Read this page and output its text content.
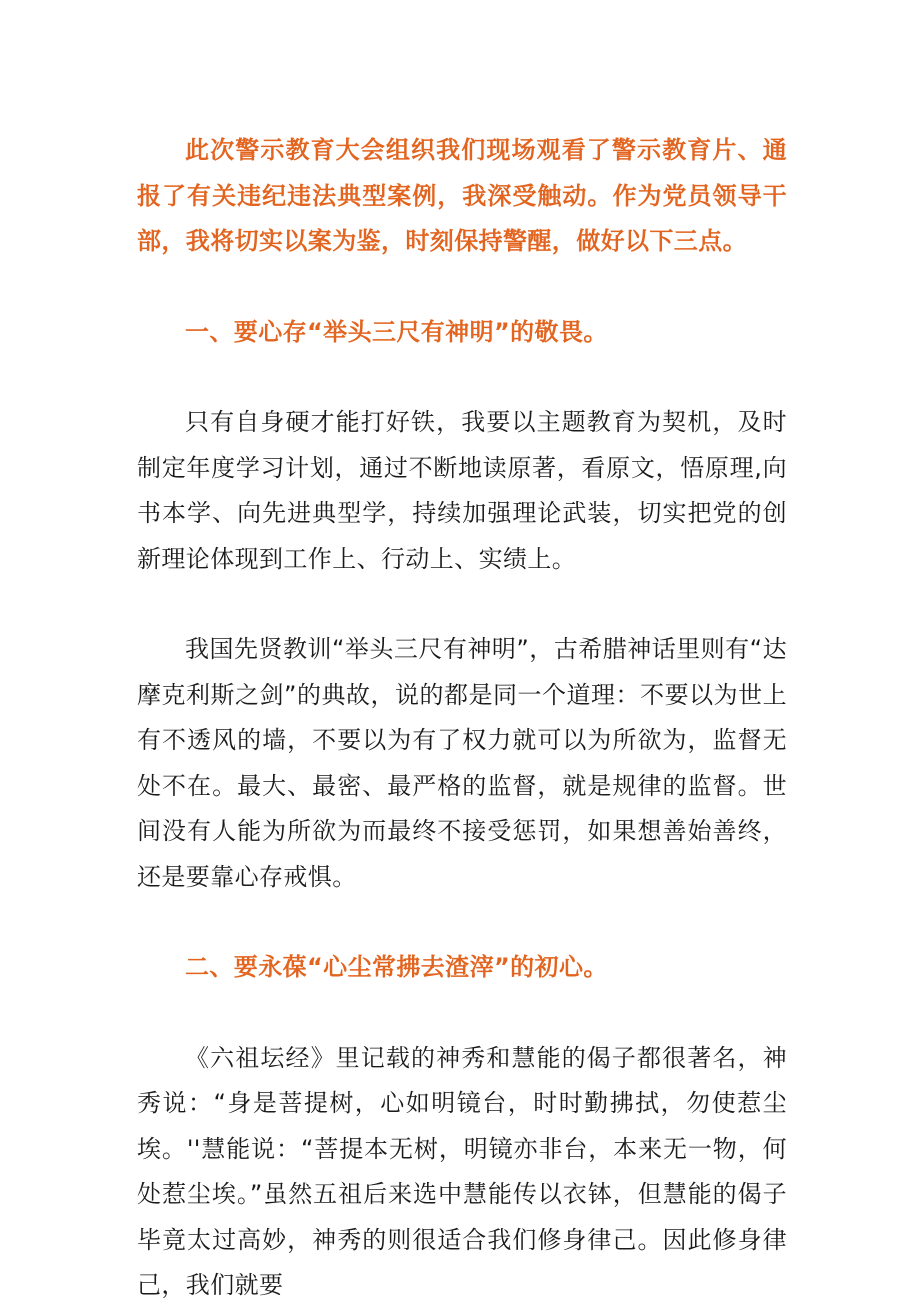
此次警示教育大会组织我们现场观看了警示教育片、通报了有关违纪违法典型案例，我深受触动。作为党员领导干部，我将切实以案为鉴，时刻保持警醒，做好以下三点。

一、要心存“举头三尺有神明”的敬畏。

只有自身硬才能打好铁，我要以主题教育为契机，及时制定年度学习计划，通过不断地读原著，看原文，悟原理,向书本学、向先进典型学，持续加强理论武装，切实把党的创新理论体现到工作上、行动上、实绩上。

我国先贤教训“举头三尺有神明”，古希腊神话里则有“达摩克利斯之剑”的典故，说的都是同一个道理：不要以为世上有不透风的墙，不要以为有了权力就可以为所欲为，监督无处不在。最大、最密、最严格的监督，就是规律的监督。世间没有人能为所欲为而最终不接受惩罚，如果想善始善终，还是要靠心存戒惧。

二、要永葆“心尘常拂去渣滓”的初心。

《六祖坛经》里记载的神秀和慧能的偈子都很著名，神秀说：“身是菩提树，心如明镜台，时时勤拂拭，勿使惹尘埃。''慧能说：“菩提本无树，明镜亦非台，本来无一物，何处惹尘埃。”虽然五祖后来选中慧能传以衣钵，但慧能的偈子毕竟太过高妙，神秀的则很适合我们修身律己。因此修身律己，我们就要
